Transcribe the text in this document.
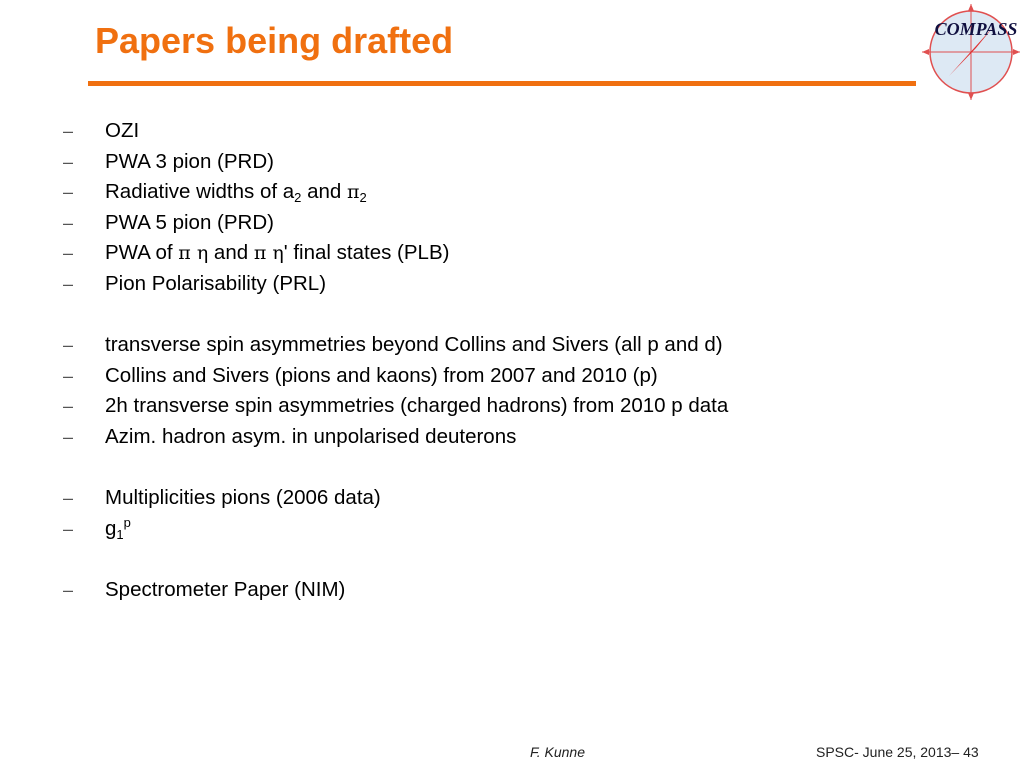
Papers being drafted	COMPASS
– OZI
– PWA 3 pion (PRD)
– Radiative widths of $a_2$ and $\pi_2$
– PWA 5 pion (PRD)
– PWA of π η and π η' final states (PLB)
– Pion Polarisability (PRL)
– transverse spin asymmetries beyond Collins and Sivers (all p and d)
– Collins and Sivers (pions and kaons) from 2007 and 2010 (p)
– 2h transverse spin asymmetries (charged hadrons) from 2010 p data
– Azim. hadron asym. in unpolarised deuterons
– Multiplicities pions (2006 data)
– $g_1^p$
– Spectrometer Paper (NIM)
F. Kunne	SPSC- June 25, 2013– 43
